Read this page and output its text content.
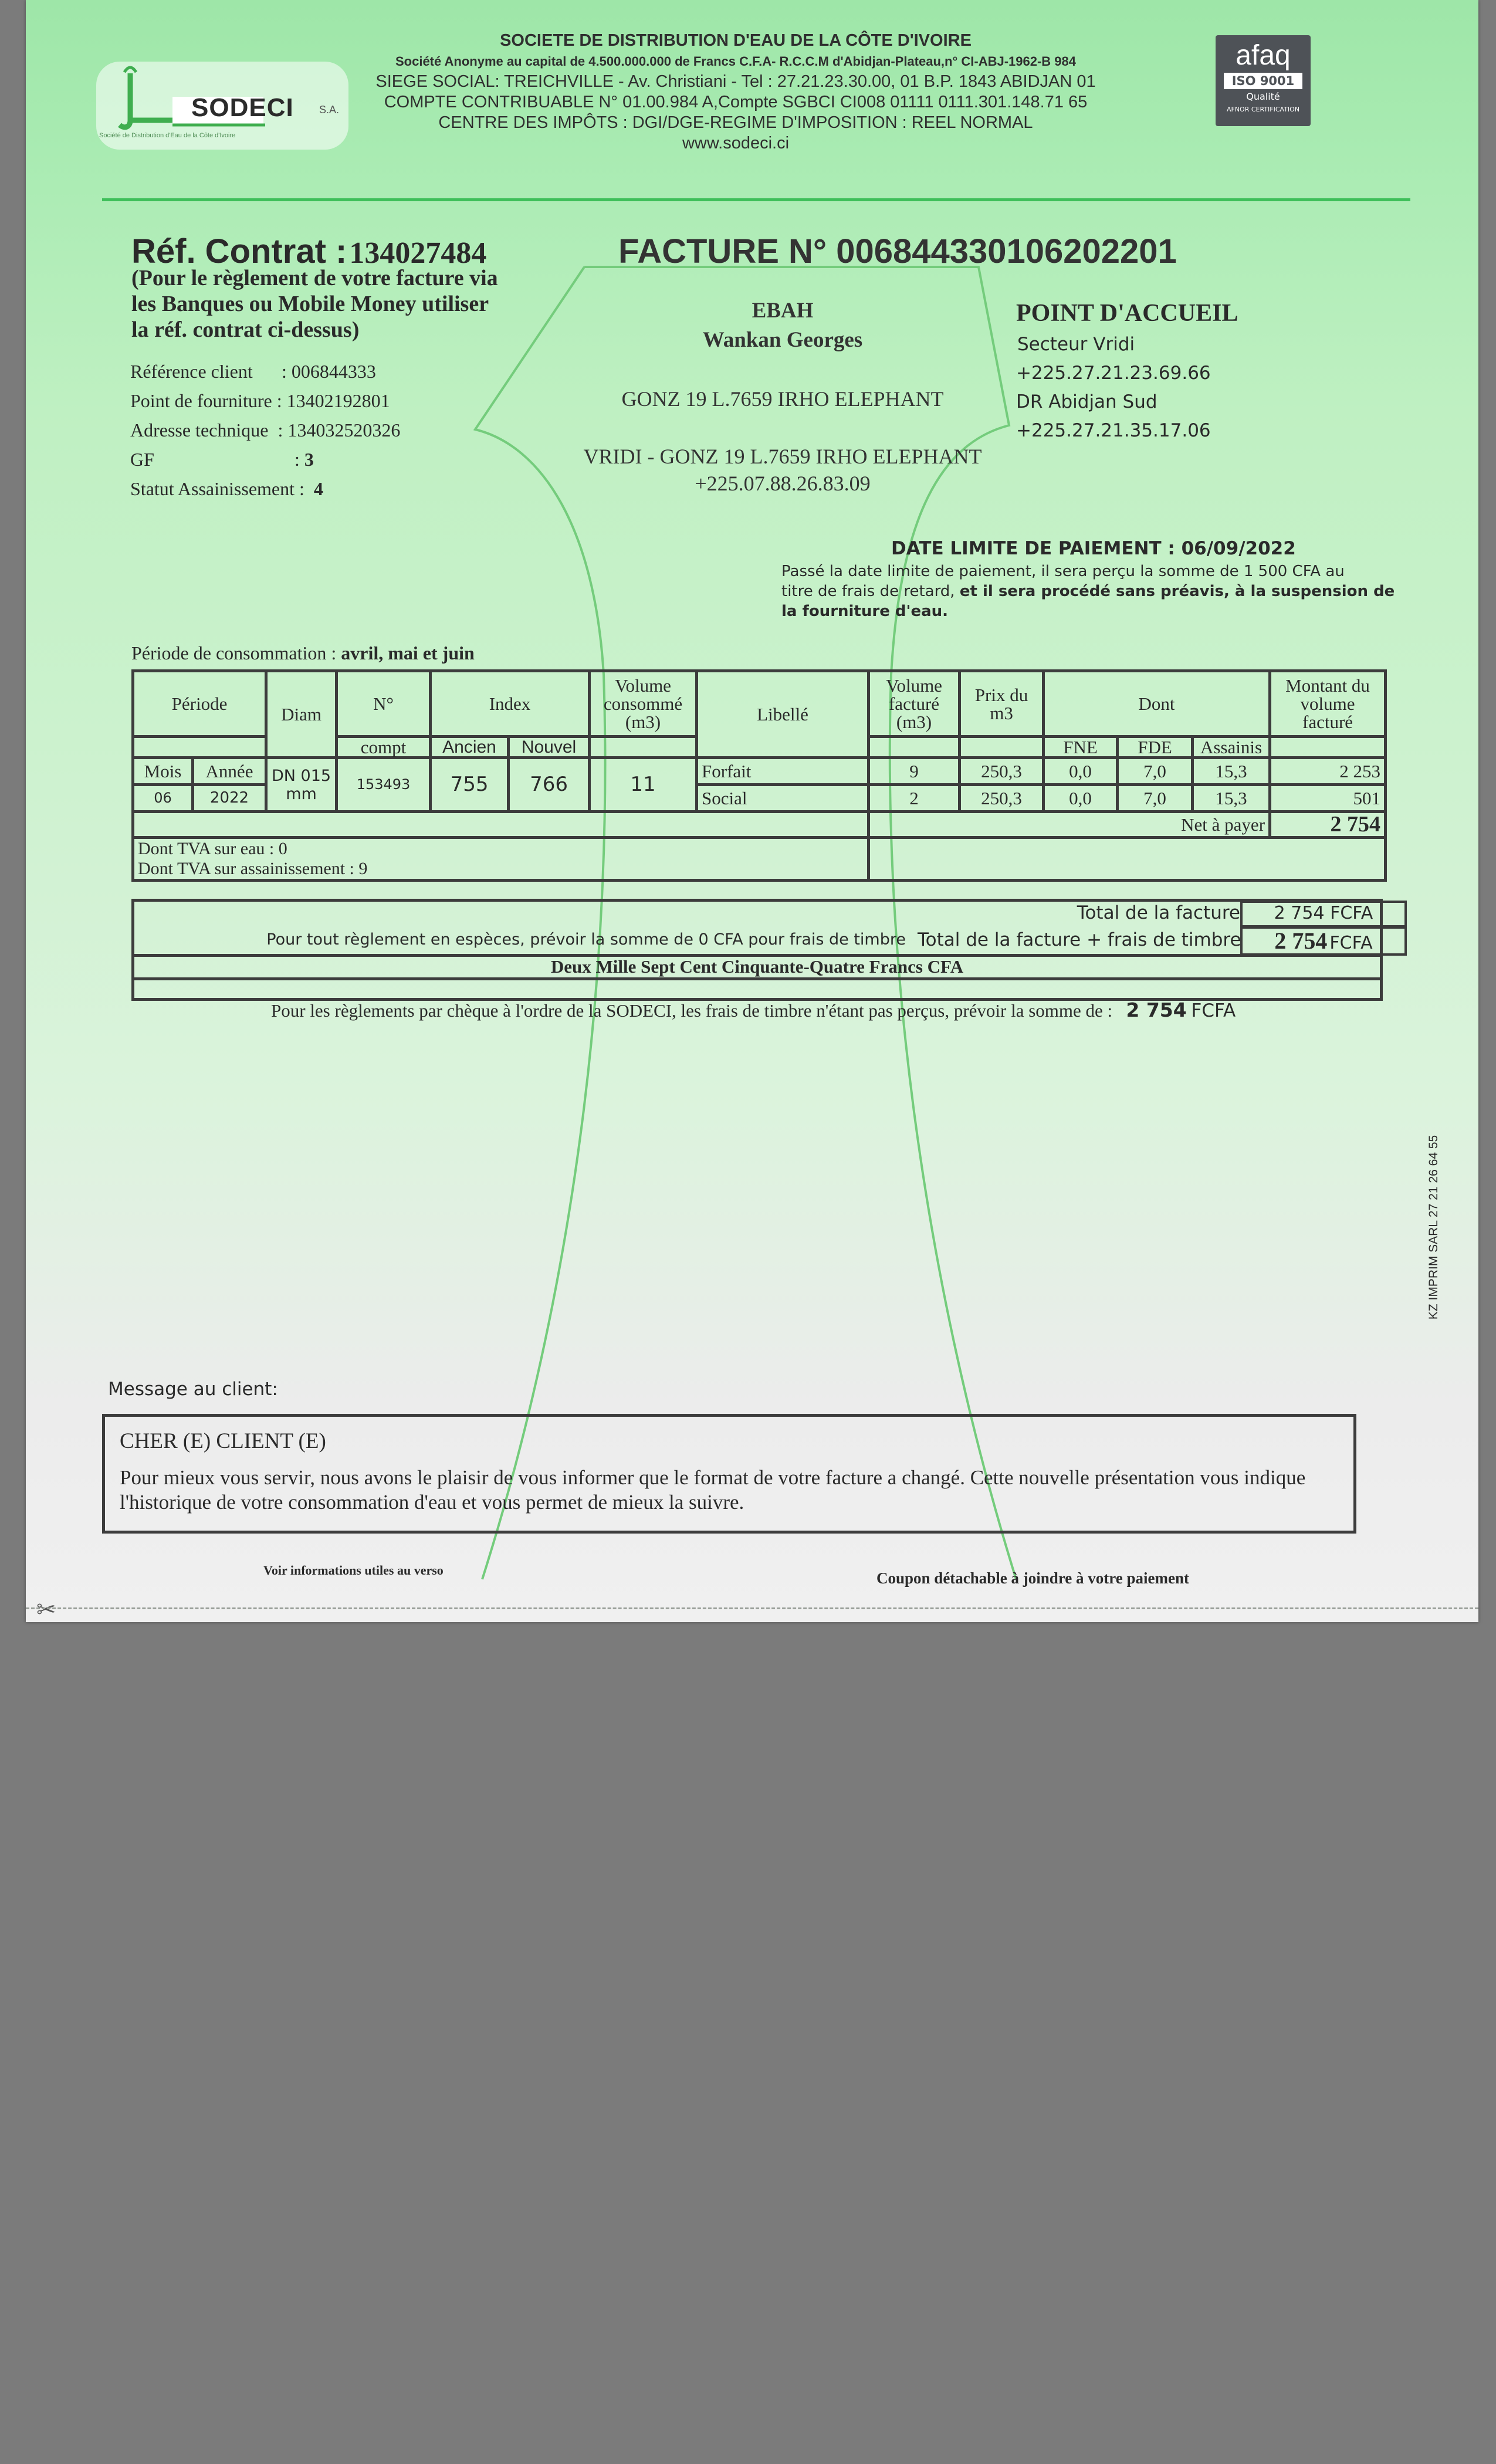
SODECI S.A.
Société de Distribution d'Eau de la Côte d'Ivoire
SOCIETE DE DISTRIBUTION D'EAU DE LA CÔTE D'IVOIRE
Société Anonyme au capital de 4.500.000.000 de Francs C.F.A- R.C.C.M d'Abidjan-Plateau,n° CI-ABJ-1962-B 984
SIEGE SOCIAL: TREICHVILLE - Av. Christiani - Tel : 27.21.23.30.00, 01 B.P. 1843 ABIDJAN 01
COMPTE CONTRIBUABLE N° 01.00.984 A,Compte SGBCI CI008 01111 0111.301.148.71 65
CENTRE DES IMPÔTS : DGI/DGE-REGIME D'IMPOSITION : REEL NORMAL
www.sodeci.ci
afaq
ISO 9001
Qualité
AFNOR CERTIFICATION
Réf. Contrat : 134027484
(Pour le règlement de votre facture via
les Banques ou Mobile Money utiliser
la réf. contrat ci-dessus)
Référence client : 006844333
Point de fourniture : 13402192801
Adresse technique : 134032520326
GF	: 3
Statut Assainissement : 4
FACTURE N° 006844330106202201
EBAH
Wankan Georges
GONZ 19 L.7659 IRHO ELEPHANT
VRIDI - GONZ 19 L.7659 IRHO ELEPHANT
+225.07.88.26.83.09
POINT D'ACCUEIL
Secteur Vridi
+225.27.21.23.69.66
DR Abidjan Sud
+225.27.21.35.17.06
DATE LIMITE DE PAIEMENT : 06/09/2022
Passé la date limite de paiement, il sera perçu la somme de 1 500 CFA au
titre de frais de retard, et il sera procédé sans préavis, à la suspension de
la fourniture d'eau.
Période de consommation : avril, mai et juin
Période		Diam	N°	Index		Volume consommé (m3)	Libellé	Volume facturé (m3)	Prix du m3	Dont			Montant du volume facturé
			compt	Ancien	Nouvel					FNE	FDE	Assainis	
Mois	Année	DN 015 mm	153493	755	766	11	Forfait	9	250,3	0,0	7,0	15,3	2 253
06	2022						Social	2	250,3	0,0	7,0	15,3	501
								Net à payer					2 754

Dont TVA sur eau : 0
Dont TVA sur assainissement : 9													

Total de la facture	2 754 FCFA
Pour tout règlement en espèces, prévoir la somme de 0 CFA pour frais de timbre Total de la facture + frais de timbre	2 754 FCFA
Deux Mille Sept Cent Cinquante-Quatre Francs CFA
Pour les règlements par chèque à l'ordre de la SODECI, les frais de timbre n'étant pas perçus, prévoir la somme de : 2 754 FCFA
KZ IMPRIM SARL 27 21 26 64 55
Message au client:
CHER (E) CLIENT (E)
Pour mieux vous servir, nous avons le plaisir de vous informer que le format de votre facture a changé. Cette nouvelle présentation vous indique l'historique de votre consommation d'eau et vous permet de mieux la suivre.
Voir informations utiles au verso	Coupon détachable à joindre à votre paiement
✂
